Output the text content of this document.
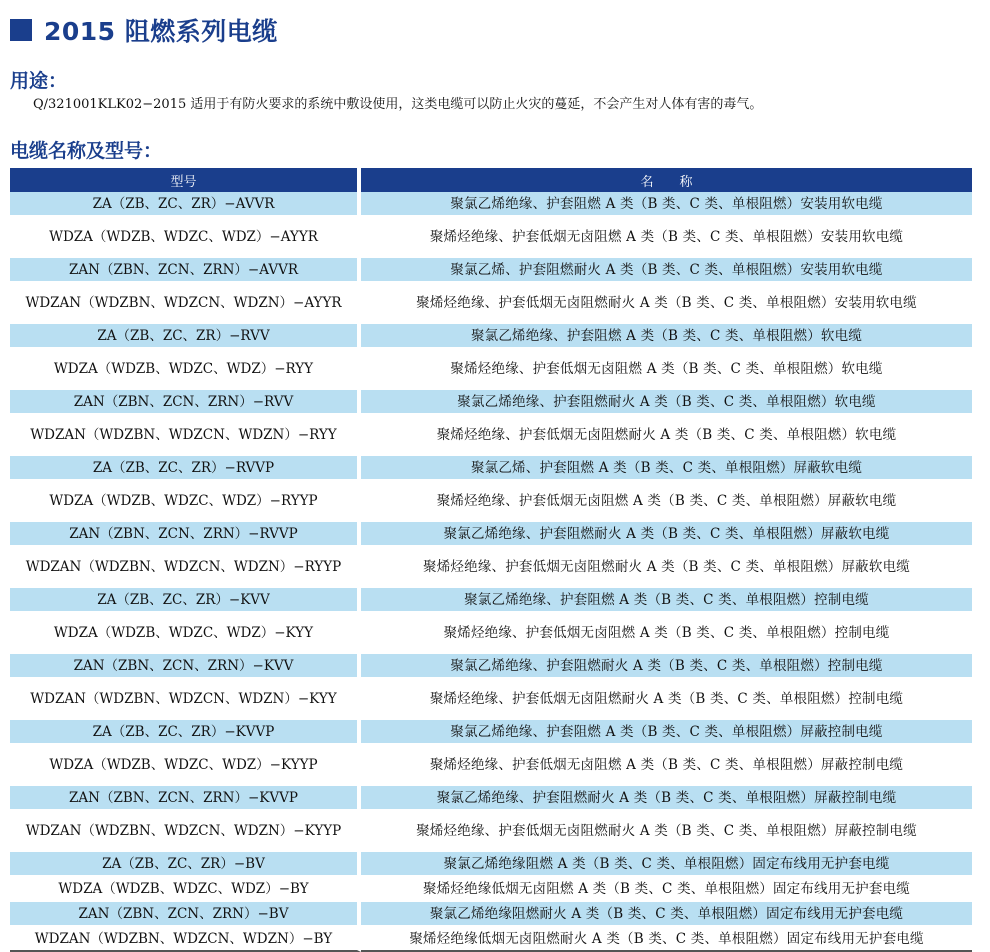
2015 阻燃系列电缆
用途：
Q/321001KLK02−2015 适用于有防火要求的系统中敷设使用，这类电缆可以防止火灾的蔓延，不会产生对人体有害的毒气。
电缆名称及型号：
型号	名　　称
ZA（ZB、ZC、ZR）−AVVR	聚氯乙烯绝缘、护套阻燃 A 类（B 类、C 类、单根阻燃）安装用软电缆
WDZA（WDZB、WDZC、WDZ）−AYYR	聚烯烃绝缘、护套低烟无卤阻燃 A 类（B 类、C 类、单根阻燃）安装用软电缆
ZAN（ZBN、ZCN、ZRN）−AVVR	聚氯乙烯、护套阻燃耐火 A 类（B 类、C 类、单根阻燃）安装用软电缆
WDZAN（WDZBN、WDZCN、WDZN）−AYYR	聚烯烃绝缘、护套低烟无卤阻燃耐火 A 类（B 类、C 类、单根阻燃）安装用软电缆
ZA（ZB、ZC、ZR）−RVV	聚氯乙烯绝缘、护套阻燃 A 类（B 类、C 类、单根阻燃）软电缆
WDZA（WDZB、WDZC、WDZ）−RYY	聚烯烃绝缘、护套低烟无卤阻燃 A 类（B 类、C 类、单根阻燃）软电缆
ZAN（ZBN、ZCN、ZRN）−RVV	聚氯乙烯绝缘、护套阻燃耐火 A 类（B 类、C 类、单根阻燃）软电缆
WDZAN（WDZBN、WDZCN、WDZN）−RYY	聚烯烃绝缘、护套低烟无卤阻燃耐火 A 类（B 类、C 类、单根阻燃）软电缆
ZA（ZB、ZC、ZR）−RVVP	聚氯乙烯、护套阻燃 A 类（B 类、C 类、单根阻燃）屏蔽软电缆
WDZA（WDZB、WDZC、WDZ）−RYYP	聚烯烃绝缘、护套低烟无卤阻燃 A 类（B 类、C 类、单根阻燃）屏蔽软电缆
ZAN（ZBN、ZCN、ZRN）−RVVP	聚氯乙烯绝缘、护套阻燃耐火 A 类（B 类、C 类、单根阻燃）屏蔽软电缆
WDZAN（WDZBN、WDZCN、WDZN）−RYYP	聚烯烃绝缘、护套低烟无卤阻燃耐火 A 类（B 类、C 类、单根阻燃）屏蔽软电缆
ZA（ZB、ZC、ZR）−KVV	聚氯乙烯绝缘、护套阻燃 A 类（B 类、C 类、单根阻燃）控制电缆
WDZA（WDZB、WDZC、WDZ）−KYY	聚烯烃绝缘、护套低烟无卤阻燃 A 类（B 类、C 类、单根阻燃）控制电缆
ZAN（ZBN、ZCN、ZRN）−KVV	聚氯乙烯绝缘、护套阻燃耐火 A 类（B 类、C 类、单根阻燃）控制电缆
WDZAN（WDZBN、WDZCN、WDZN）−KYY	聚烯烃绝缘、护套低烟无卤阻燃耐火 A 类（B 类、C 类、单根阻燃）控制电缆
ZA（ZB、ZC、ZR）−KVVP	聚氯乙烯绝缘、护套阻燃 A 类（B 类、C 类、单根阻燃）屏蔽控制电缆
WDZA（WDZB、WDZC、WDZ）−KYYP	聚烯烃绝缘、护套低烟无卤阻燃 A 类（B 类、C 类、单根阻燃）屏蔽控制电缆
ZAN（ZBN、ZCN、ZRN）−KVVP	聚氯乙烯绝缘、护套阻燃耐火 A 类（B 类、C 类、单根阻燃）屏蔽控制电缆
WDZAN（WDZBN、WDZCN、WDZN）−KYYP	聚烯烃绝缘、护套低烟无卤阻燃耐火 A 类（B 类、C 类、单根阻燃）屏蔽控制电缆
ZA（ZB、ZC、ZR）−BV	聚氯乙烯绝缘阻燃 A 类（B 类、C 类、单根阻燃）固定布线用无护套电缆
WDZA（WDZB、WDZC、WDZ）−BY	聚烯烃绝缘低烟无卤阻燃 A 类（B 类、C 类、单根阻燃）固定布线用无护套电缆
ZAN（ZBN、ZCN、ZRN）−BV	聚氯乙烯绝缘阻燃耐火 A 类（B 类、C 类、单根阻燃）固定布线用无护套电缆
WDZAN（WDZBN、WDZCN、WDZN）−BY	聚烯烃绝缘低烟无卤阻燃耐火 A 类（B 类、C 类、单根阻燃）固定布线用无护套电缆
